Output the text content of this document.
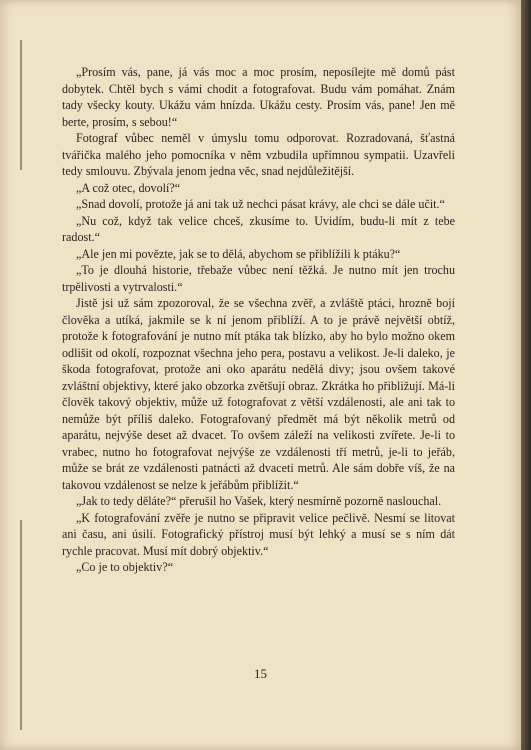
„Prosím vás, pane, já vás moc a moc prosím, neposílejte mě domů pást dobytek. Chtěl bych s vámi chodit a fotografovat. Budu vám pomáhat. Znám tady všecky kouty. Ukážu vám hnízda. Ukážu cesty. Prosím vás, pane! Jen mě berte, prosím, s sebou!“

Fotograf vůbec neměl v úmyslu tomu odporovat. Rozradovaná, šťastná tvářička malého jeho pomocníka v něm vzbudila upřímnou sympatii. Uzavřeli tedy smlouvu. Zbývala jenom jedna věc, snad nejdůležitější.

„A což otec, dovolí?“

„Snad dovolí, protože já ani tak už nechci pásat krávy, ale chci se dále učit.“

„Nu což, když tak velice chceš, zkusíme to. Uvidím, budu-li mít z tebe radost.“

„Ale jen mi povězte, jak se to dělá, abychom se přiblížili k ptáku?“

„To je dlouhá historie, třebaže vůbec není těžká. Je nutno mít jen trochu trpělivosti a vytrvalosti.“

Jistě jsi už sám zpozoroval, že se všechna zvěř, a zvláště ptáci, hrozně bojí člověka a utíká, jakmile se k ní jenom přiblíží. A to je právě největší obtíž, protože k fotografování je nutno mít ptáka tak blízko, aby ho bylo možno okem odlišit od okolí, rozpoznat všechna jeho pera, postavu a velikost. Je-li daleko, je škoda fotografovat, protože ani oko aparátu nedělá divy; jsou ovšem takové zvláštní objektivy, které jako obzorka zvětšují obraz. Zkrátka ho přibližují. Má-li člověk takový objektiv, může už fotografovat z větší vzdálenosti, ale ani tak to nemůže být příliš daleko. Fotografovaný předmět má být několik metrů od aparátu, nejvýše deset až dvacet. To ovšem záleží na velikosti zvířete. Je-li to vrabec, nutno ho fotografovat nejvýše ze vzdálenosti tří metrů, je-li to jeřáb, může se brát ze vzdálenosti patnácti až dvaceti metrů. Ale sám dobře víš, že na takovou vzdálenost se nelze k jeřábům přiblížit.“

„Jak to tedy děláte?“ přerušil ho Vašek, který nesmírně pozorně naslouchal.

„K fotografování zvěře je nutno se připravit velice pečlivě. Nesmí se litovat ani času, ani úsilí. Fotografický přístroj musí být lehký a musí se s ním dát rychle pracovat. Musí mít dobrý objektiv.“

„Co je to objektiv?“

15
